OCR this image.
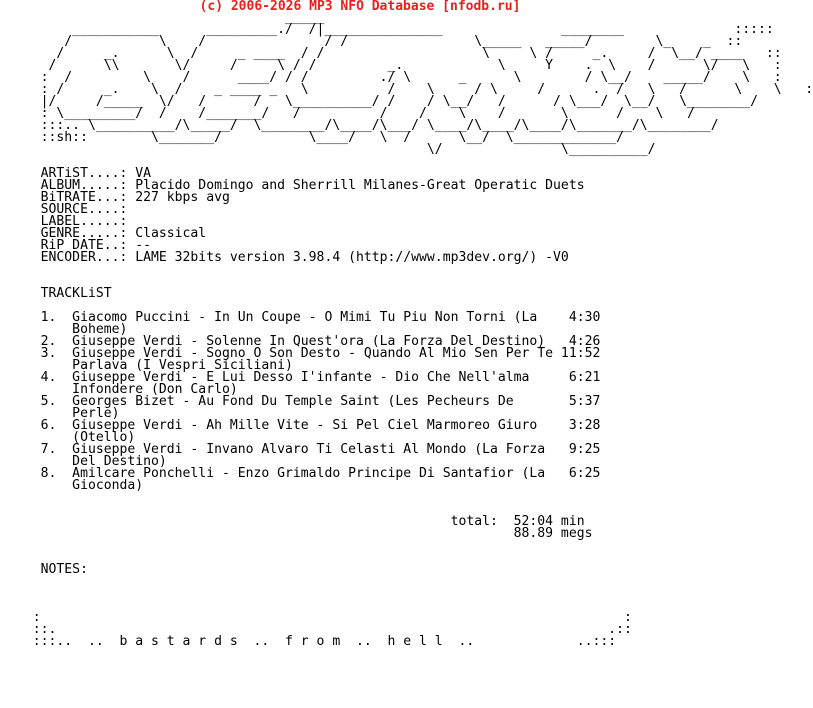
(c) 2006-2026 MP3 NFO Database [nfodb.ru]
_____
___________      _________./  /|_______________               ________              :::::
/           \    /               / /                \_____   _____/        \_    _  ::
/     _.      \  /     _ ____  / /                    \     \ /     _.     /  \__/ ____   ::
/      \\       \/     /     \ / /         _.            \     Y    .  \    /      \/   \   :
:  /         \    /      ____/ / /         ./ \      _      \        / \__/    _____/    \   :
: /     _.    \  /    _ ____ _   \          /    \     / \     /      .  /   \   /      \    \   :
|/     /_____  \/   /      /   \__________/ /    / \__/   /      / \___/  \__/   \________/
: \_________/  /    /_______/   /          /    /    \    /       \      /    \   /
:::.. \__________/\_____/  \________/\____/\___/ \____/\____/\____/\_______/\________/
::sh::        \_______/           \____/   \  /      \__/  \_____________/
\/               \__________/

ARTiST....: VA
ALBUM.....: Placido Domingo and Sherrill Milanes-Great Operatic Duets
BiTRATE...: 227 kbps avg
SOURCE....:
LABEL.....:
GENRE.....: Classical
RiP DATE..: --
ENCODER...: LAME 32bits version 3.98.4 (http://www.mp3dev.org/) -V0

TRACKLiST

1.  Giacomo Puccini - In Un Coupe - O Mimi Tu Piu Non Torni (La    4:30
Boheme)
2.  Giuseppe Verdi - Solenne In Quest'ora (La Forza Del Destino)   4:26
3.  Giuseppe Verdi - Sogno O Son Desto - Quando Al Mio Sen Per Te 11:52
Parlava (I Vespri Siciliani)
4.  Giuseppe Verdi - E Lui Desso I'infante - Dio Che Nell'alma     6:21
Infondere (Don Carlo)
5.  Georges Bizet - Au Fond Du Temple Saint (Les Pecheurs De       5:37
Perle)
6.  Giuseppe Verdi - Ah Mille Vite - Si Pel Ciel Marmoreo Giuro    3:28
(Otello)
7.  Giuseppe Verdi - Invano Alvaro Ti Celasti Al Mondo (La Forza   9:25
Del Destino)
8.  Amilcare Ponchelli - Enzo Grimaldo Principe Di Santafior (La   6:25
Gioconda)

total:  52:04 min
88.89 megs

NOTES:

:                                                                          :
::.                                                                      .::
:::..  ..  b a s t a r d s  ..  f r o m  ..  h e l l  ..             ..:::
